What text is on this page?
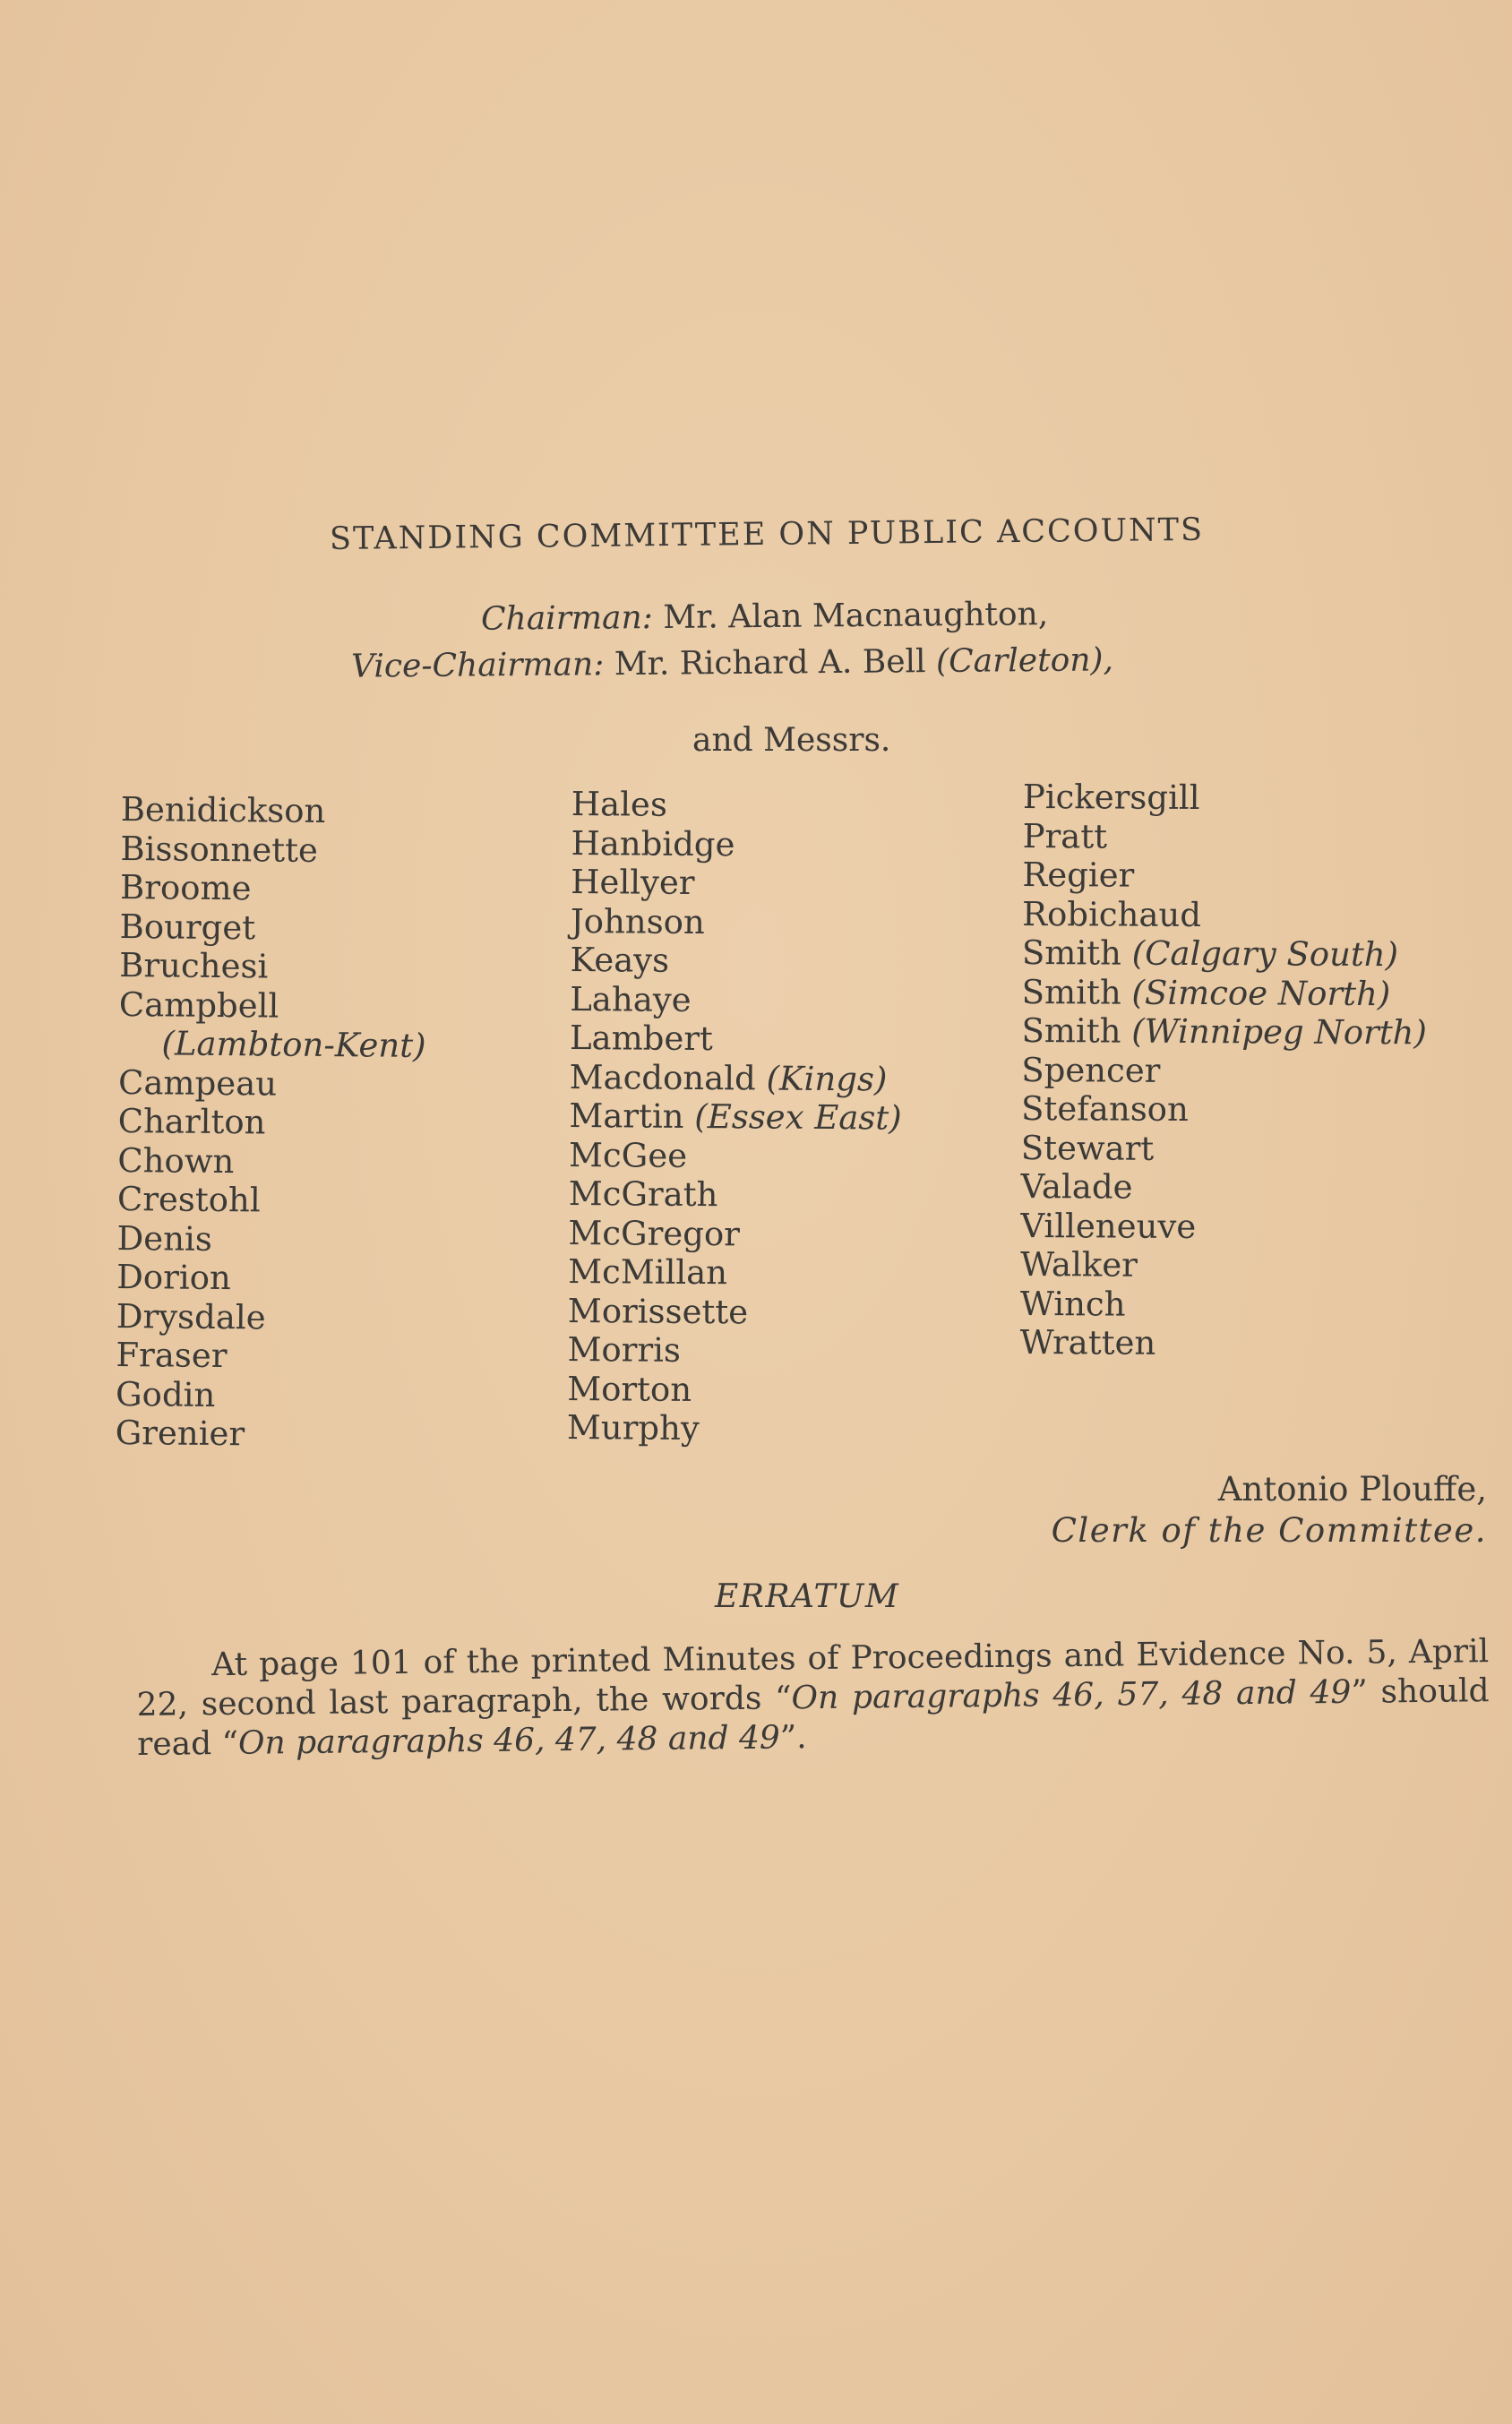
STANDING COMMITTEE ON PUBLIC ACCOUNTS
Chairman: Mr. Alan Macnaughton,
Vice-Chairman: Mr. Richard A. Bell (Carleton),
and Messrs.
Benidickson
Bissonnette
Broome
Bourget
Bruchesi
Campbell
(Lambton-Kent)
Campeau
Charlton
Chown
Crestohl
Denis
Dorion
Drysdale
Fraser
Godin
Grenier
Hales
Hanbidge
Hellyer
Johnson
Keays
Lahaye
Lambert
Macdonald (Kings)
Martin (Essex East)
McGee
McGrath
McGregor
McMillan
Morissette
Morris
Morton
Murphy
Pickersgill
Pratt
Regier
Robichaud
Smith (Calgary South)
Smith (Simcoe North)
Smith (Winnipeg North)
Spencer
Stefanson
Stewart
Valade
Villeneuve
Walker
Winch
Wratten
Antonio Plouffe,
Clerk of the Committee.
ERRATUM

At page 101 of the printed Minutes of Proceedings and Evidence No. 5, April 22, second last paragraph, the words “On paragraphs 46, 57, 48 and 49” should read “On paragraphs 46, 47, 48 and 49”.
